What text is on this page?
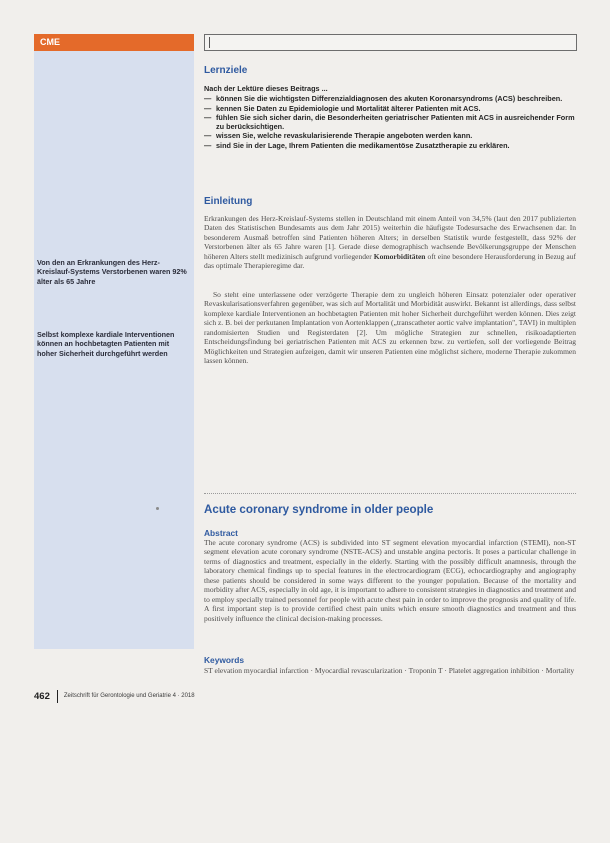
CME
Lernziele

Nach der Lektüre dieses Beitrags ...

— können Sie die wichtigsten Differenzialdiagnosen des akuten Koronarsyndroms (ACS) beschreiben.
— kennen Sie Daten zu Epidemiologie und Mortalität älterer Patienten mit ACS.
— fühlen Sie sich sicher darin, die Besonderheiten geriatrischer Patienten mit ACS in ausreichender Form zu berücksichtigen.
— wissen Sie, welche revaskularisierende Therapie angeboten werden kann.
— sind Sie in der Lage, Ihrem Patienten die medikamentöse Zusatztherapie zu erklären.
Einleitung

Erkrankungen des Herz-Kreislauf-Systems stellen in Deutschland mit einem Anteil von 34,5% (laut den 2017 publizierten Daten des Statistischen Bundesamts aus dem Jahr 2015) weiterhin die häufigste Todesursache des Erwachsenen dar. In besonderem Ausmaß betroffen sind Patienten höheren Alters; in derselben Statistik wurde festgestellt, dass 92% der Verstorbenen älter als 65 Jahre waren [1]. Gerade diese demographisch wachsende Bevölkerungsgruppe der Menschen höheren Alters stellt medizinisch aufgrund vorliegender Komorbiditäten oft eine besondere Herausforderung in Bezug auf das optimale Therapieregime dar.

So steht eine unterlassene oder verzögerte Therapie dem zu ungleich höheren Einsatz potenzialer oder operativer Revaskularisationsverfahren gegenüber, was sich auf Mortalität und Morbidität auswirkt. Bekannt ist allerdings, dass selbst komplexe kardiale Interventionen an hochbetagten Patienten mit hoher Sicherheit durchgeführt werden können. Dies zeigt sich z. B. bei der perkutanen Implantation von Aortenklappen („transcatheter aortic valve implantation", TAVI) in multiplen randomisierten Studien und Registerdaten [2]. Um mögliche Strategien zur schnellen, risikoadaptierten Entscheidungsfindung bei geriatrischen Patienten mit ACS zu erkennen bzw. zu vertiefen, soll der vorliegende Beitrag Möglichkeiten und Strategien aufzeigen, damit wir unseren Patienten eine möglichst sichere, moderne Therapie zukommen lassen können.

Von den an Erkrankungen des Herz-Kreislauf-Systems Verstorbenen waren 92% älter als 65 Jahre

Selbst komplexe kardiale Interventionen können an hochbetagten Patienten mit hoher Sicherheit durchgeführt werden

Acute coronary syndrome in older people
Abstract

The acute coronary syndrome (ACS) is subdivided into ST segment elevation myocardial infarction (STEMI), non-ST segment elevation acute coronary syndrome (NSTE-ACS) and unstable angina pectoris. It poses a particular challenge in terms of diagnostics and treatment, especially in the elderly. Starting with the possibly difficult anamnesis, through the laboratory chemical findings up to special features in the electrocardiogram (ECG), echocardiography and angiography these patients should be considered in some ways different to the younger population. Because of the mortality and morbidity after ACS, especially in old age, it is important to adhere to consistent strategies in diagnostics and treatment and to employ specially trained personnel for people with acute chest pain in order to improve the prognosis and quality of life. A first important step is to provide certified chest pain units which ensure smooth diagnostics and treatment and thus positively influence the clinical decision-making processes.

Keywords

ST elevation myocardial infarction · Myocardial revascularization · Troponin T · Platelet aggregation inhibition · Mortality

462 Zeitschrift für Gerontologie und Geriatrie 4 · 2018
